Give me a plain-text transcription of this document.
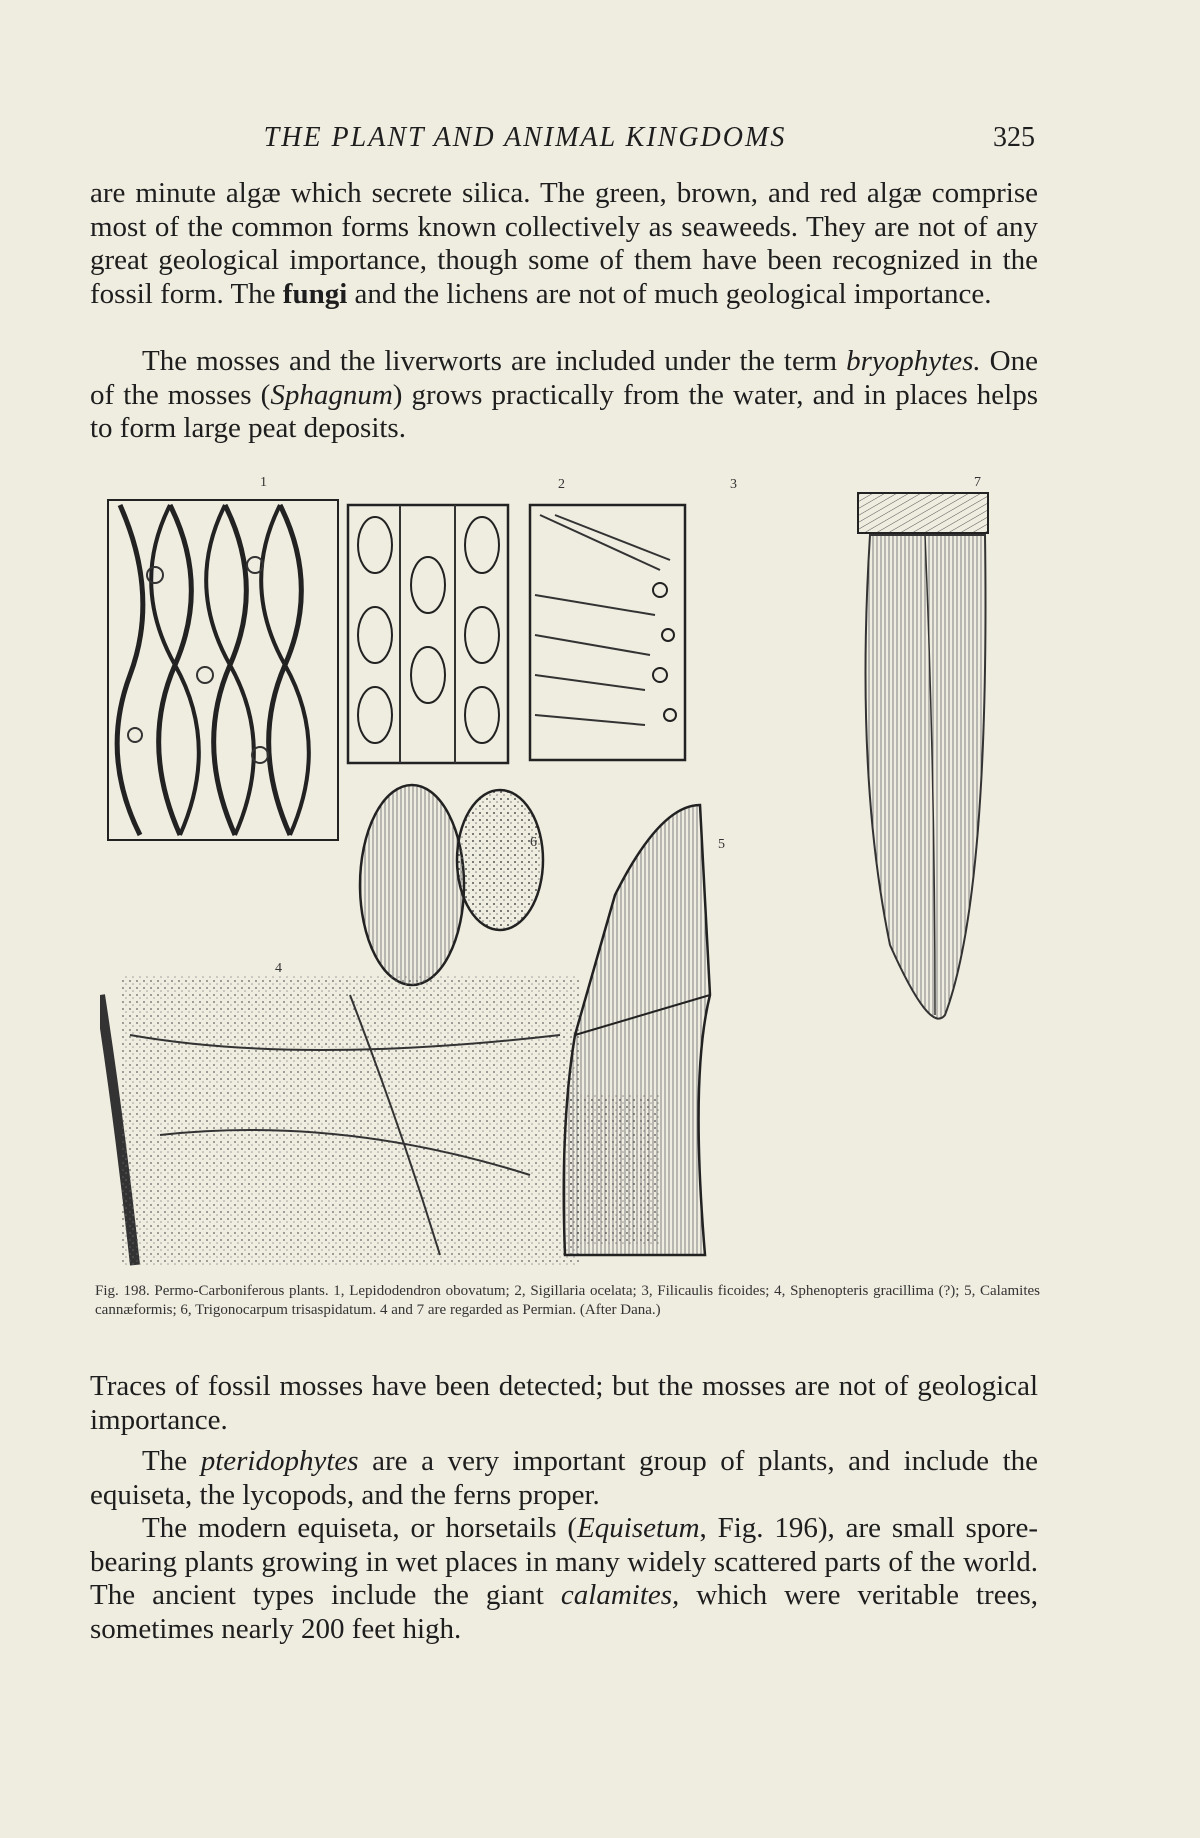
THE PLANT AND ANIMAL KINGDOMS	325

are minute algæ which secrete silica. The green, brown, and red algæ comprise most of the common forms known collectively as seaweeds. They are not of any great geological importance, though some of them have been recognized in the fossil form. The fungi and the lichens are not of much geological importance.

The mosses and the liverworts are included under the term bryophytes. One of the mosses (Sphagnum) grows practically from the water, and in places helps to form large peat deposits.

1	2	3
4
5
6
7

Fig. 198. Permo-Carboniferous plants. 1, Lepidodendron obovatum; 2, Sigillaria ocelata; 3, Filicaulis ficoides; 4, Sphenopteris gracillima (?); 5, Calamites cannæformis; 6, Trigonocarpum trisaspidatum. 4 and 7 are regarded as Permian. (After Dana.)

Traces of fossil mosses have been detected; but the mosses are not of geological importance.

The pteridophytes are a very important group of plants, and include the equiseta, the lycopods, and the ferns proper.

The modern equiseta, or horsetails (Equisetum, Fig. 196), are small spore-bearing plants growing in wet places in many widely scattered parts of the world. The ancient types include the giant calamites, which were veritable trees, sometimes nearly 200 feet high.
